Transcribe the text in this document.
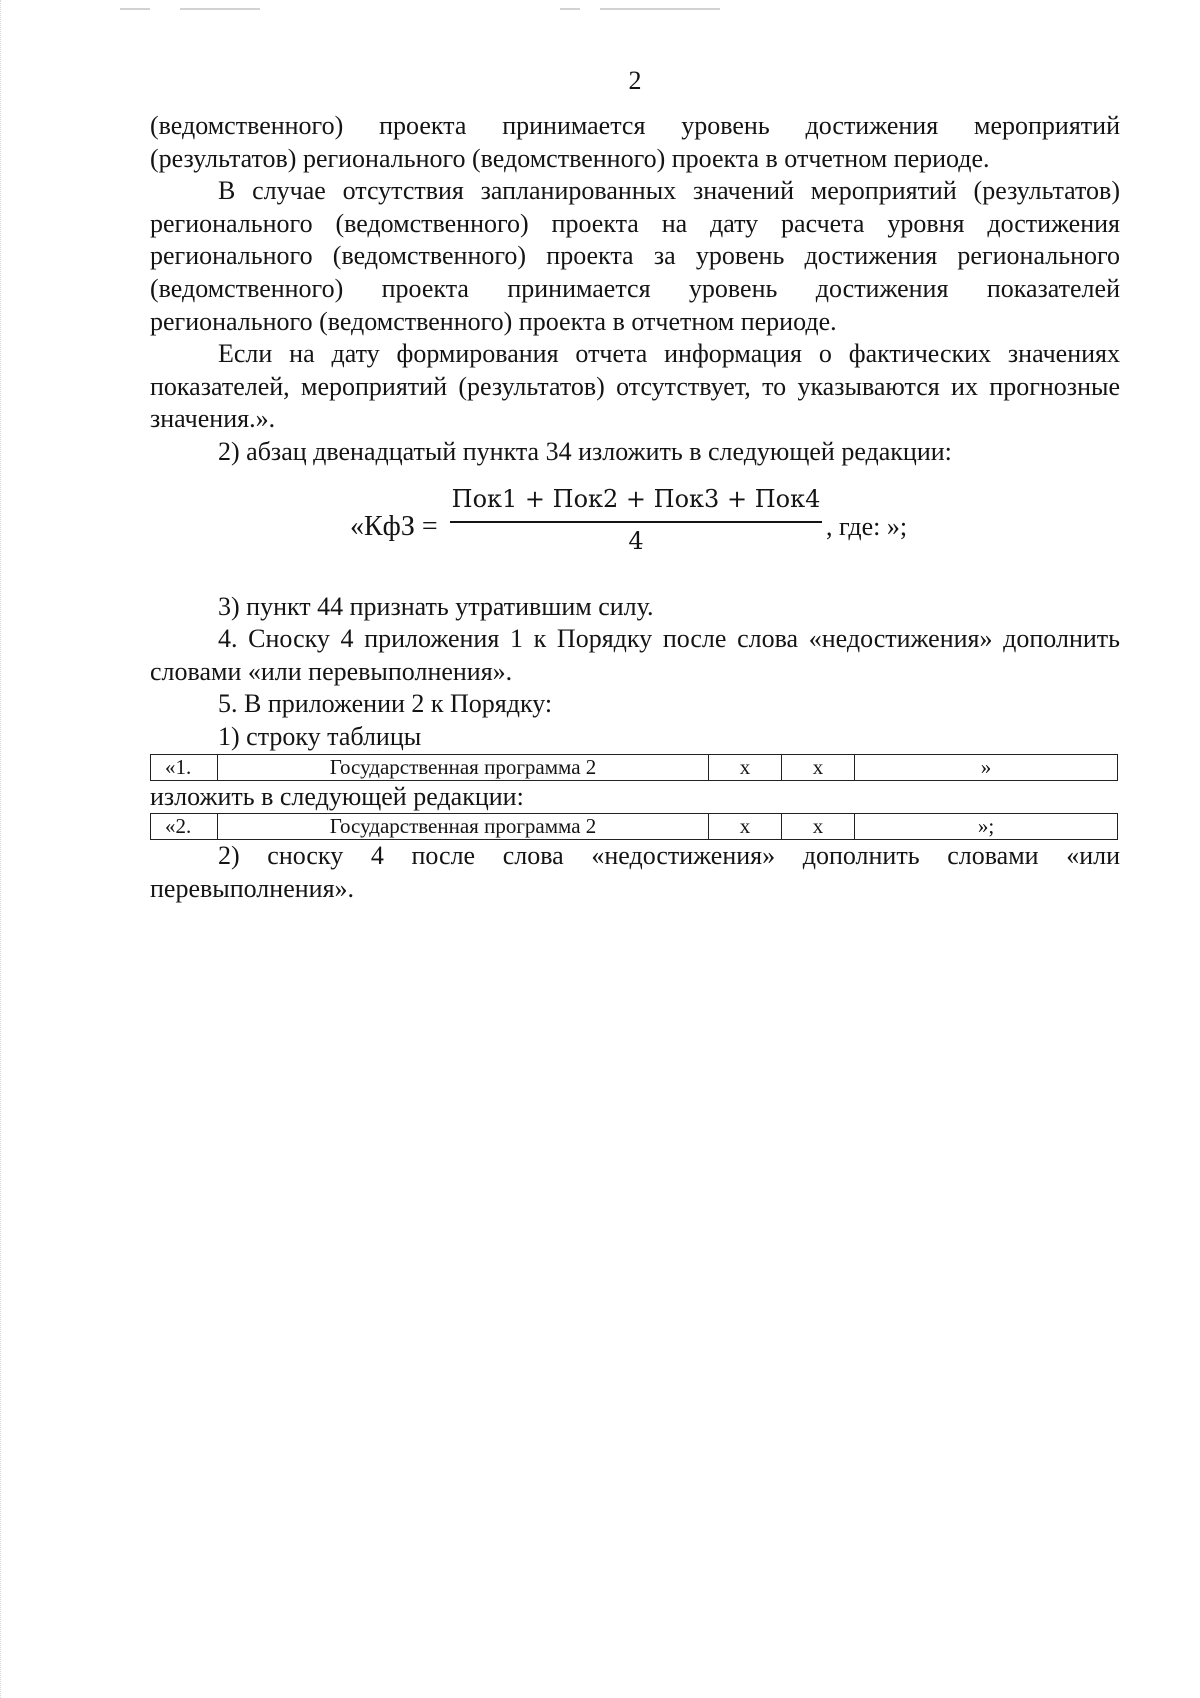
2

(ведомственного) проекта принимается уровень достижения мероприятий (результатов) регионального (ведомственного) проекта в отчетном периоде.

В случае отсутствия запланированных значений мероприятий (результатов) регионального (ведомственного) проекта на дату расчета уровня достижения регионального (ведомственного) проекта за уровень достижения регионального (ведомственного) проекта принимается уровень достижения показателей регионального (ведомственного) проекта в отчетном периоде.

Если на дату формирования отчета информация о фактических значениях показателей, мероприятий (результатов) отсутствует, то указываются их прогнозные значения.».

2) абзац двенадцатый пункта 34 изложить в следующей редакции:

«КфЗ =
Пок1 + Пок2 + Пок3 + Пок4
4	, где: »;

3) пункт 44 признать утратившим силу.

4. Сноску 4 приложения 1 к Порядку после слова «недостижения» дополнить словами «или перевыполнения».

5. В приложении 2 к Порядку:

1) строку таблицы

«1.	Государственная программа 2	х	х	»

изложить в следующей редакции:

«2.	Государственная программа 2	х	х	»;

2) сноску 4 после слова «недостижения» дополнить словами «или перевыполнения».
